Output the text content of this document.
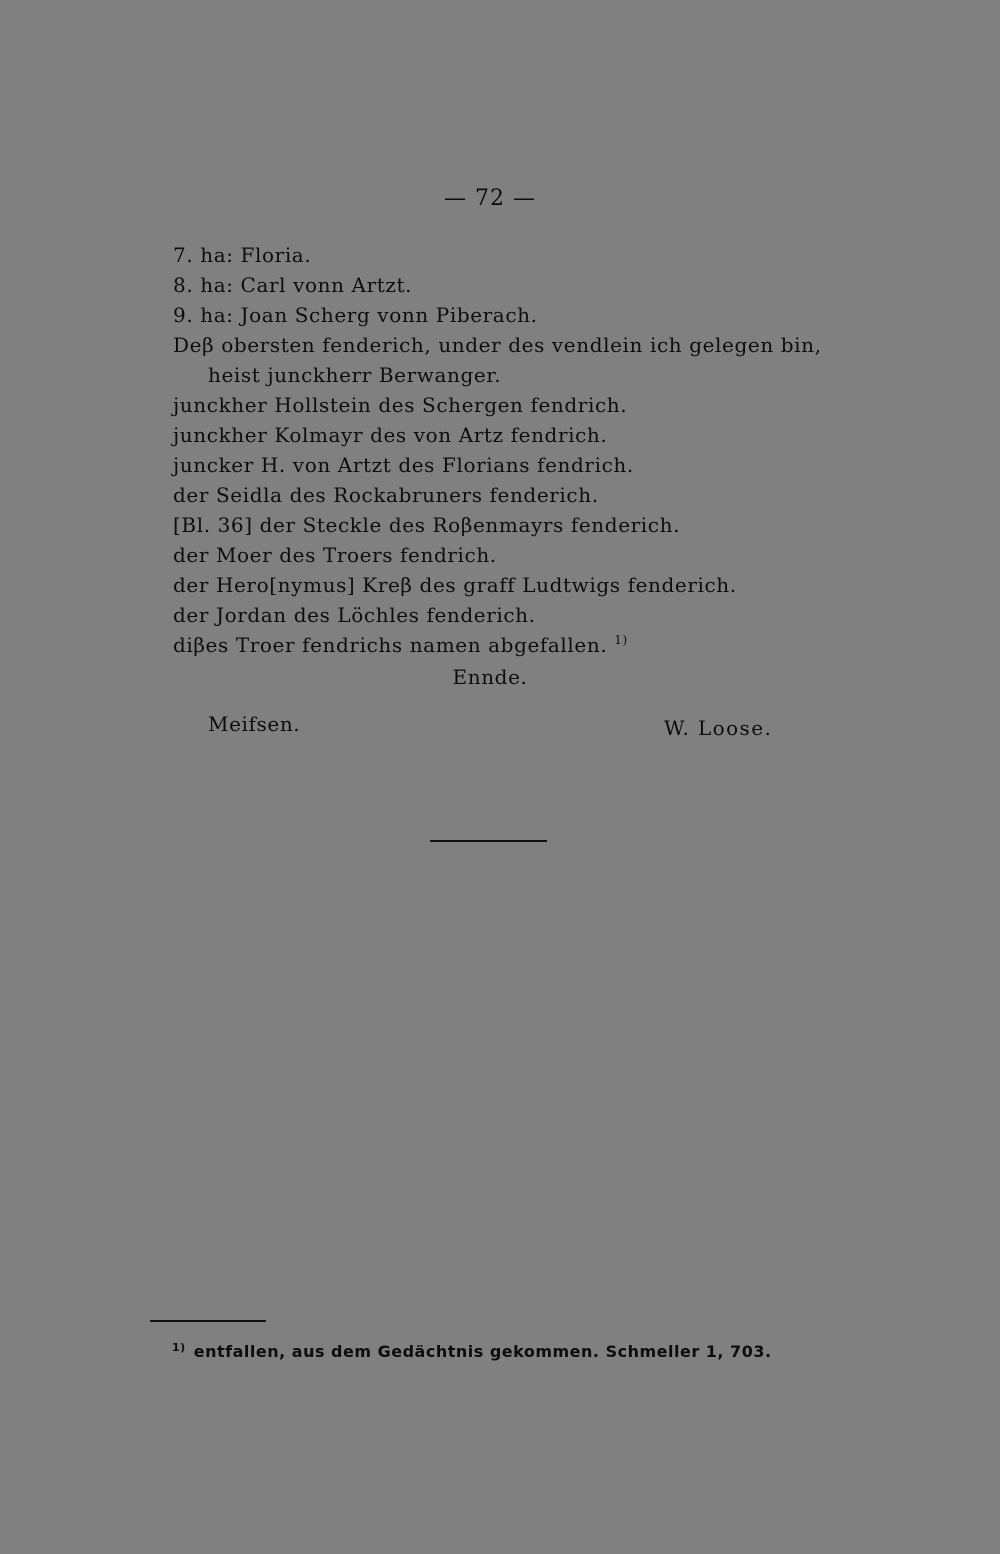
— 72 —
7. ha: Floria.
8. ha: Carl vonn Artzt.
9. ha: Joan Scherg vonn Piberach.
Deβ obersten fenderich, under des vendlein ich gelegen bin,
heist junckherr Berwanger.
junckher Hollstein des Schergen fendrich.
junckher Kolmayr des von Artz fendrich.
juncker H. von Artzt des Florians fendrich.
der Seidla des Rockabruners fenderich.
[Bl. 36] der Steckle des Roβenmayrs fenderich.
der Moer des Troers fendrich.
der Hero[nymus] Kreβ des graff Ludtwigs fenderich.
der Jordan des Löchles fenderich.
diβes Troer fendrichs namen abgefallen. $^{1)}$
Ennde.
Meifsen.	W. Loose.
$^{1)}$ entfallen, aus dem Gedächtnis gekommen. Schmeller 1, 703.
